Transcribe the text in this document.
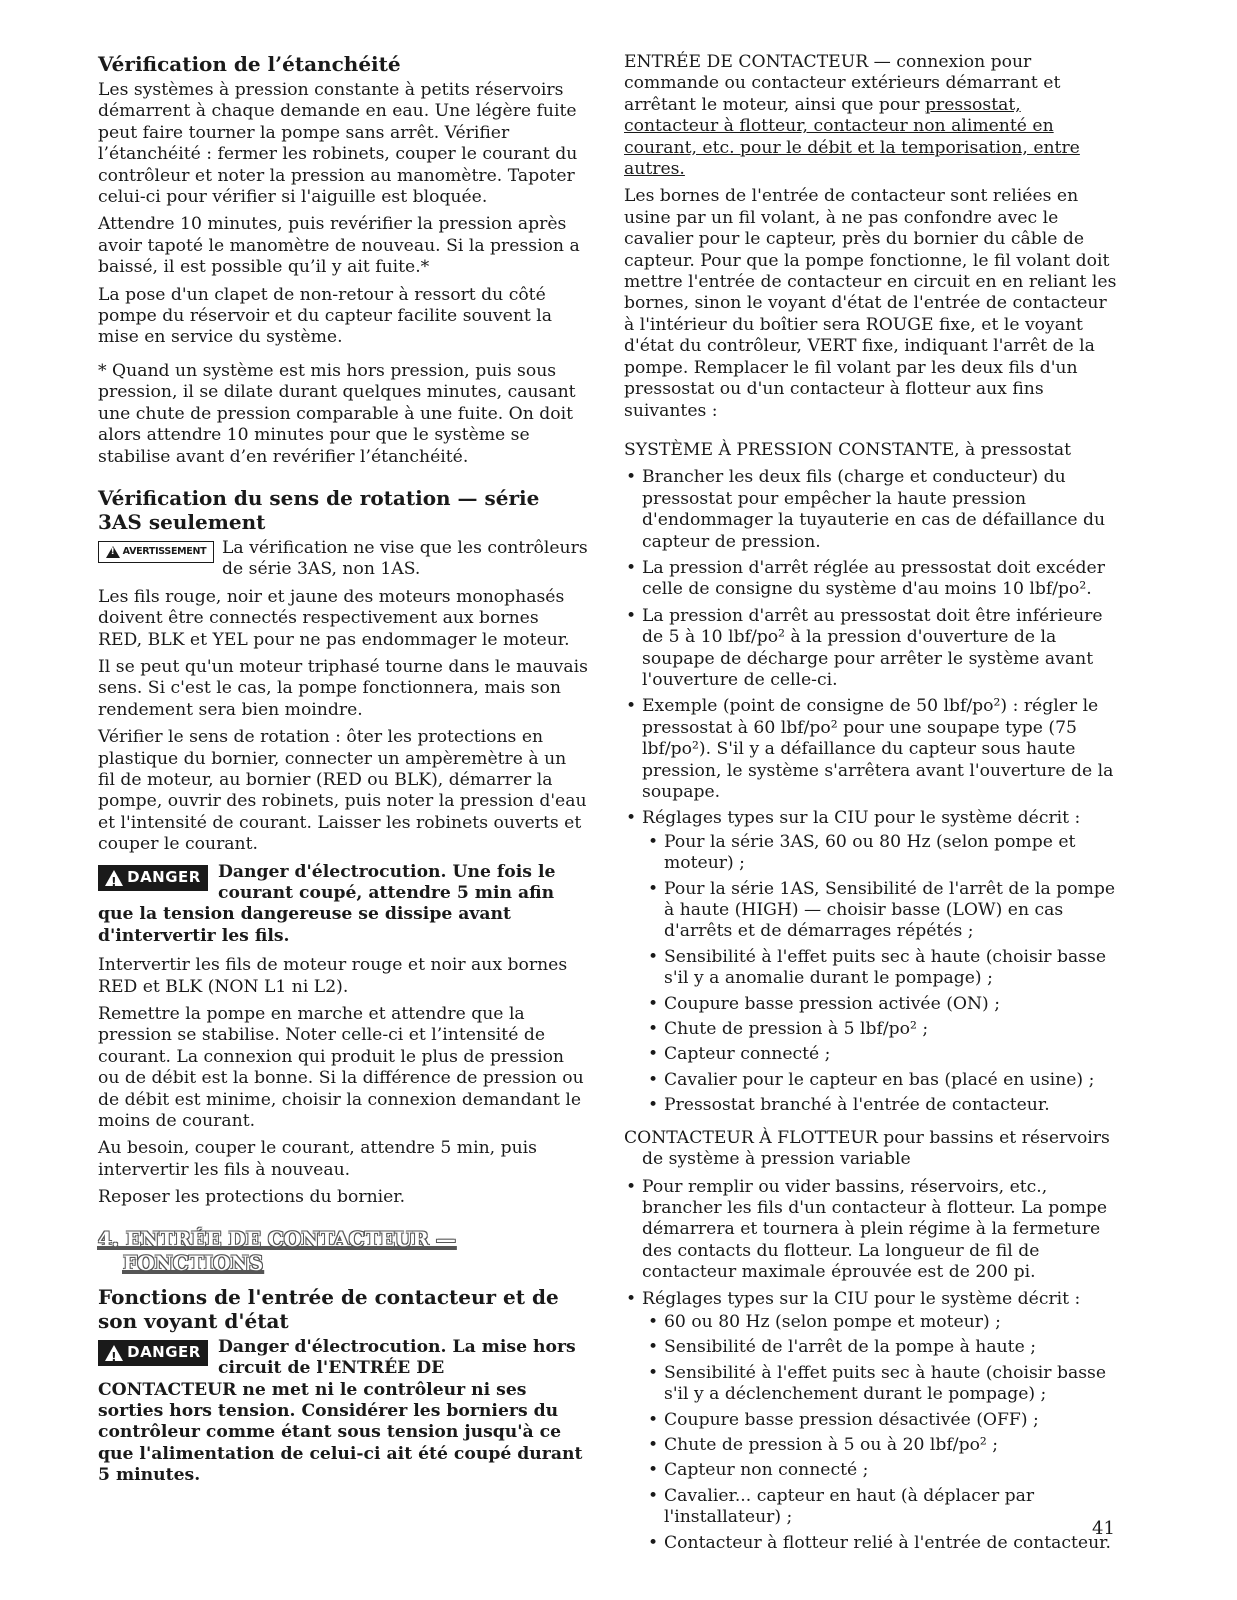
Vérification de l’étanchéité

Les systèmes à pression constante à petits réservoirs démarrent à chaque demande en eau. Une légère fuite peut faire tourner la pompe sans arrêt. Vérifier l’étanchéité : fermer les robinets, couper le courant du contrôleur et noter la pression au manomètre. Tapoter celui-ci pour vérifier si l'aiguille est bloquée.

Attendre 10 minutes, puis revérifier la pression après avoir tapoté le manomètre de nouveau. Si la pression a baissé, il est possible qu’il y ait fuite.*

La pose d'un clapet de non-retour à ressort du côté pompe du réservoir et du capteur facilite souvent la mise en service du système.

* Quand un système est mis hors pression, puis sous pression, il se dilate durant quelques minutes, causant une chute de pression comparable à une fuite. On doit alors attendre 10 minutes pour que le système se stabilise avant d’en revérifier l’étanchéité.

Vérification du sens de rotation — série 3AS seulement
!
AVERTISSEMENT La vérification ne vise que les contrôleurs de série 3AS, non 1AS.

Les fils rouge, noir et jaune des moteurs monophasés doivent être connectés respectivement aux bornes RED, BLK et YEL pour ne pas endommager le moteur.

Il se peut qu'un moteur triphasé tourne dans le mauvais sens. Si c'est le cas, la pompe fonctionnera, mais son rendement sera bien moindre.

Vérifier le sens de rotation : ôter les protections en plastique du bornier, connecter un ampèremètre à un fil de moteur, au bornier (RED ou BLK), démarrer la pompe, ouvrir des robinets, puis noter la pression d'eau et l'intensité de courant. Laisser les robinets ouverts et couper le courant.

!
DANGER Danger d'électrocution. Une fois le courant coupé, attendre 5 min afin que la tension dangereuse se dissipe avant d'intervertir les fils.

Intervertir les fils de moteur rouge et noir aux bornes RED et BLK (NON L1 ni L2).

Remettre la pompe en marche et attendre que la pression se stabilise. Noter celle-ci et l’intensité de courant. La connexion qui produit le plus de pression ou de débit est la bonne. Si la différence de pression ou de débit est minime, choisir la connexion demandant le moins de courant.

Au besoin, couper le courant, attendre 5 min, puis intervertir les fils à nouveau.

Reposer les protections du bornier.

4. ENTRÉE DE CONTACTEUR —
FONCTIONS
Fonctions de l'entrée de contacteur et de son voyant d'état
!
DANGER Danger d'électrocution. La mise hors circuit de l'ENTRÉE DE CONTACTEUR ne met ni le contrôleur ni ses sorties hors tension. Considérer les borniers du contrôleur comme étant sous tension jusqu'à ce que l'alimentation de celui-ci ait été coupé durant 5 minutes.

ENTRÉE DE CONTACTEUR — connexion pour commande ou contacteur extérieurs démarrant et arrêtant le moteur, ainsi que pour pressostat, contacteur à flotteur, contacteur non alimenté en courant, etc. pour le débit et la temporisation, entre autres.

Les bornes de l'entrée de contacteur sont reliées en usine par un fil volant, à ne pas confondre avec le cavalier pour le capteur, près du bornier du câble de capteur. Pour que la pompe fonctionne, le fil volant doit mettre l'entrée de contacteur en circuit en en reliant les bornes, sinon le voyant d'état de l'entrée de contacteur à l'intérieur du boîtier sera ROUGE fixe, et le voyant d'état du contrôleur, VERT fixe, indiquant l'arrêt de la pompe. Remplacer le fil volant par les deux fils d'un pressostat ou d'un contacteur à flotteur aux fins suivantes :

SYSTÈME À PRESSION CONSTANTE, à pressostat

• Brancher les deux fils (charge et conducteur) du pressostat pour empêcher la haute pression d'endommager la tuyauterie en cas de défaillance du capteur de pression.
• La pression d'arrêt réglée au pressostat doit excéder celle de consigne du système d'au moins 10 lbf/po².
• La pression d'arrêt au pressostat doit être inférieure de 5 à 10 lbf/po² à la pression d'ouverture de la soupape de décharge pour arrêter le système avant l'ouverture de celle-ci.
• Exemple (point de consigne de 50 lbf/po²) : régler le pressostat à 60 lbf/po² pour une soupape type (75 lbf/po²). S'il y a défaillance du capteur sous haute pression, le système s'arrêtera avant l'ouverture de la soupape.
• Réglages types sur la CIU pour le système décrit :
• Pour la série 3AS, 60 ou 80 Hz (selon pompe et moteur) ;
• Pour la série 1AS, Sensibilité de l'arrêt de la pompe à haute (HIGH) — choisir basse (LOW) en cas d'arrêts et de démarrages répétés ;
• Sensibilité à l'effet puits sec à haute (choisir basse s'il y a anomalie durant le pompage) ;
• Coupure basse pression activée (ON) ;
• Chute de pression à 5 lbf/po² ;
• Capteur connecté ;
• Cavalier pour le capteur en bas (placé en usine) ;
• Pressostat branché à l'entrée de contacteur.

CONTACTEUR À FLOTTEUR pour bassins et réservoirs de système à pression variable

• Pour remplir ou vider bassins, réservoirs, etc., brancher les fils d'un contacteur à flotteur. La pompe démarrera et tournera à plein régime à la fermeture des contacts du flotteur. La longueur de fil de contacteur maximale éprouvée est de 200 pi.
• Réglages types sur la CIU pour le système décrit :
• 60 ou 80 Hz (selon pompe et moteur) ;
• Sensibilité de l'arrêt de la pompe à haute ;
• Sensibilité à l'effet puits sec à haute (choisir basse s'il y a déclenchement durant le pompage) ;
• Coupure basse pression désactivée (OFF) ;
• Chute de pression à 5 ou à 20 lbf/po² ;
• Capteur non connecté ;
• Cavalier... capteur en haut (à déplacer par l'installateur) ;
• Contacteur à flotteur relié à l'entrée de contacteur.
41
